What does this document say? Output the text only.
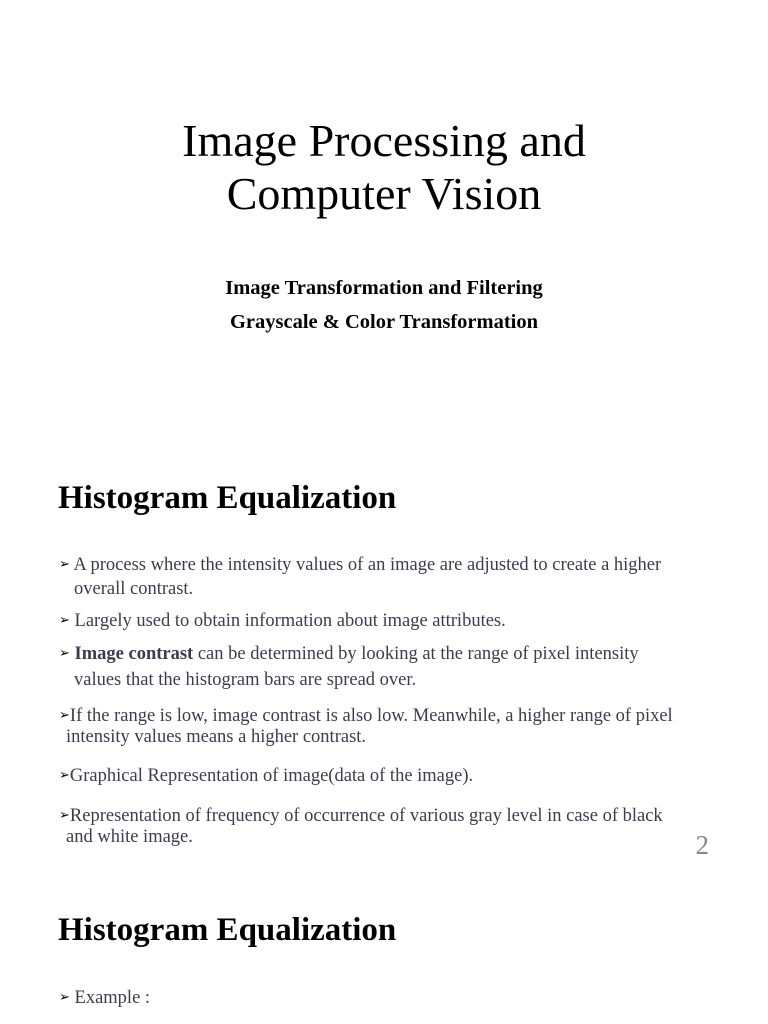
Image Processing and
Computer Vision

Image Transformation and Filtering

Grayscale & Color Transformation

Histogram Equalization

➢ A process where the intensity values of an image are adjusted to create a higher
overall contrast.

➢ Largely used to obtain information about image attributes.

➢ Image contrast can be determined by looking at the range of pixel intensity
values that the histogram bars are spread over.

➢If the range is low, image contrast is also low. Meanwhile, a higher range of pixel
intensity values means a higher contrast.

➢Graphical Representation of image(data of the image).

➢Representation of frequency of occurrence of various gray level in case of black
and white image.	2
Histogram Equalization

➢ Example :
